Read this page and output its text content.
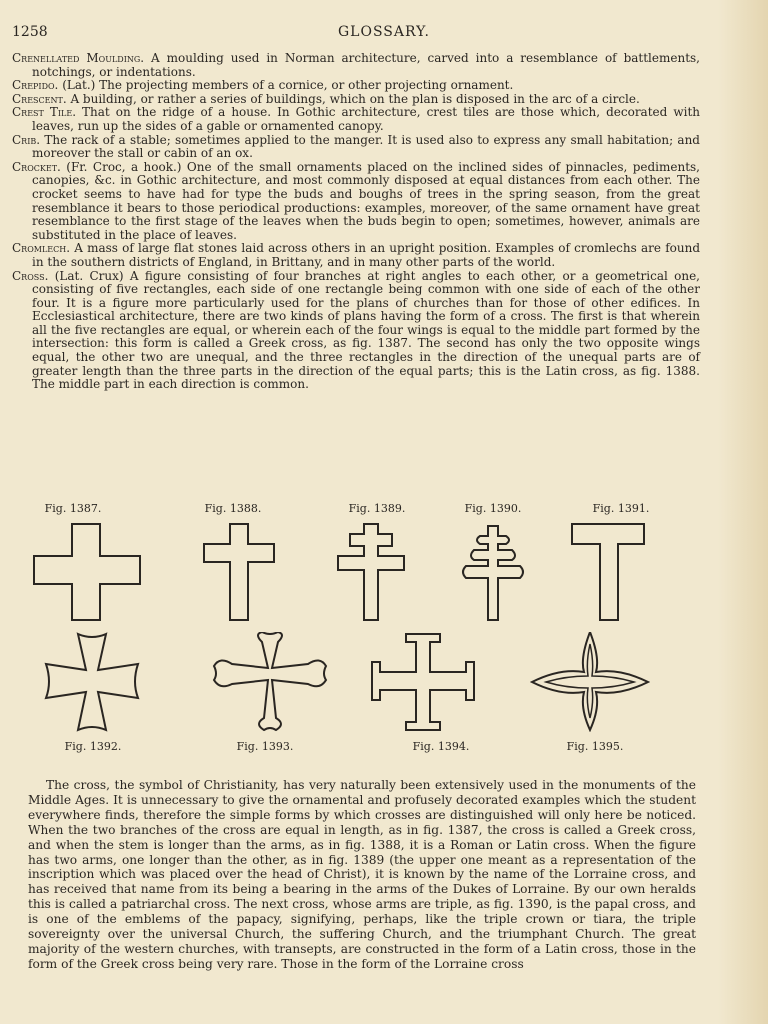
1258	GLOSSARY.

Crenellated Moulding. A moulding used in Norman architecture, carved into a resemblance of battlements, notchings, or indentations.

Crepido. (Lat.) The projecting members of a cornice, or other projecting ornament.

Crescent. A building, or rather a series of buildings, which on the plan is disposed in the arc of a circle.

Crest Tile. That on the ridge of a house. In Gothic architecture, crest tiles are those which, decorated with leaves, run up the sides of a gable or ornamented canopy.

Crib. The rack of a stable; sometimes applied to the manger. It is used also to express any small habitation; and moreover the stall or cabin of an ox.

Crocket. (Fr. Croc, a hook.) One of the small ornaments placed on the inclined sides of pinnacles, pediments, canopies, &c. in Gothic architecture, and most commonly disposed at equal distances from each other. The crocket seems to have had for type the buds and boughs of trees in the spring season, from the great resemblance it bears to those periodical productions: examples, moreover, of the same ornament have great resemblance to the first stage of the leaves when the buds begin to open; sometimes, however, animals are substituted in the place of leaves.

Cromlech. A mass of large flat stones laid across others in an upright position. Examples of cromlechs are found in the southern districts of England, in Brittany, and in many other parts of the world.

Cross. (Lat. Crux) A figure consisting of four branches at right angles to each other, or a geometrical one, consisting of five rectangles, each side of one rectangle being common with one side of each of the other four. It is a figure more particularly used for the plans of churches than for those of other edifices. In Ecclesiastical architecture, there are two kinds of plans having the form of a cross. The first is that wherein all the five rectangles are equal, or wherein each of the four wings is equal to the middle part formed by the intersection: this form is called a Greek cross, as fig. 1387. The second has only the two opposite wings equal, the other two are unequal, and the three rectangles in the direction of the unequal parts are of greater length than the three parts in the direction of the equal parts; this is the Latin cross, as fig. 1388. The middle part in each direction is common.

Fig. 1387.	Fig. 1388.	Fig. 1389.	Fig. 1390.	Fig. 1391.
Fig. 1392.	Fig. 1393.	Fig. 1394.	Fig. 1395.

The cross, the symbol of Christianity, has very naturally been extensively used in the monuments of the Middle Ages. It is unnecessary to give the ornamental and profusely decorated examples which the student everywhere finds, therefore the simple forms by which crosses are distinguished will only here be noticed. When the two branches of the cross are equal in length, as in fig. 1387, the cross is called a Greek cross, and when the stem is longer than the arms, as in fig. 1388, it is a Roman or Latin cross. When the figure has two arms, one longer than the other, as in fig. 1389 (the upper one meant as a representation of the inscription which was placed over the head of Christ), it is known by the name of the Lorraine cross, and has received that name from its being a bearing in the arms of the Dukes of Lorraine. By our own heralds this is called a patriarchal cross. The next cross, whose arms are triple, as fig. 1390, is the papal cross, and is one of the emblems of the papacy, signifying, perhaps, like the triple crown or tiara, the triple sovereignty over the universal Church, the suffering Church, and the triumphant Church. The great majority of the western churches, with transepts, are constructed in the form of a Latin cross, those in the form of the Greek cross being very rare. Those in the form of the Lorraine cross
